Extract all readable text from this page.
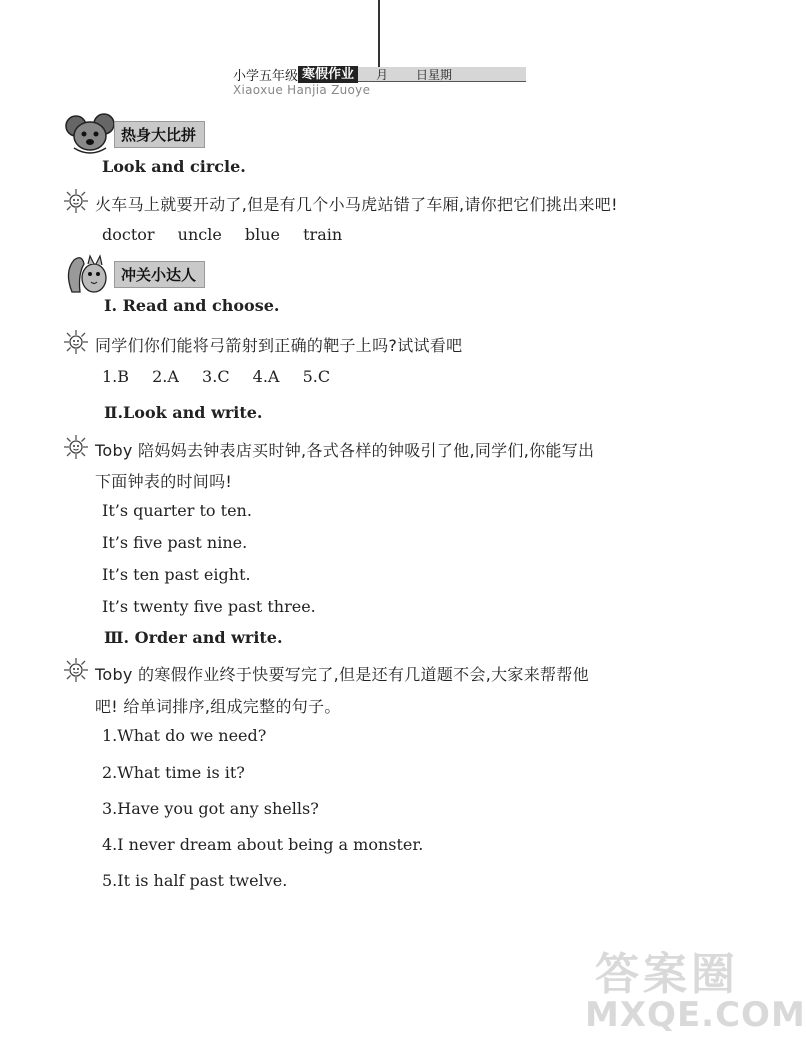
小学五年级 寒假作业	月 日星期
Xiaoxue Hanjia Zuoye
热身大比拼
Look and circle.
火车马上就要开动了,但是有几个小马虎站错了车厢,请你把它们挑出来吧!
doctor uncle blue train
冲关小达人
Ⅰ. Read and choose.
同学们你们能将弓箭射到正确的靶子上吗?试试看吧
1.B 2.A 3.C 4.A 5.C
Ⅱ.Look and write.
Toby 陪妈妈去钟表店买时钟,各式各样的钟吸引了他,同学们,你能写出
下面钟表的时间吗!
It’s quarter to ten.
It’s five past nine.
It’s ten past eight.
It’s twenty five past three.
Ⅲ. Order and write.
Toby 的寒假作业终于快要写完了,但是还有几道题不会,大家来帮帮他
吧! 给单词排序,组成完整的句子。
1.What do we need?
2.What time is it?
3.Have you got any shells?
4.I never dream about being a monster.
5.It is half past twelve.
答案圈
MXQE.COM
